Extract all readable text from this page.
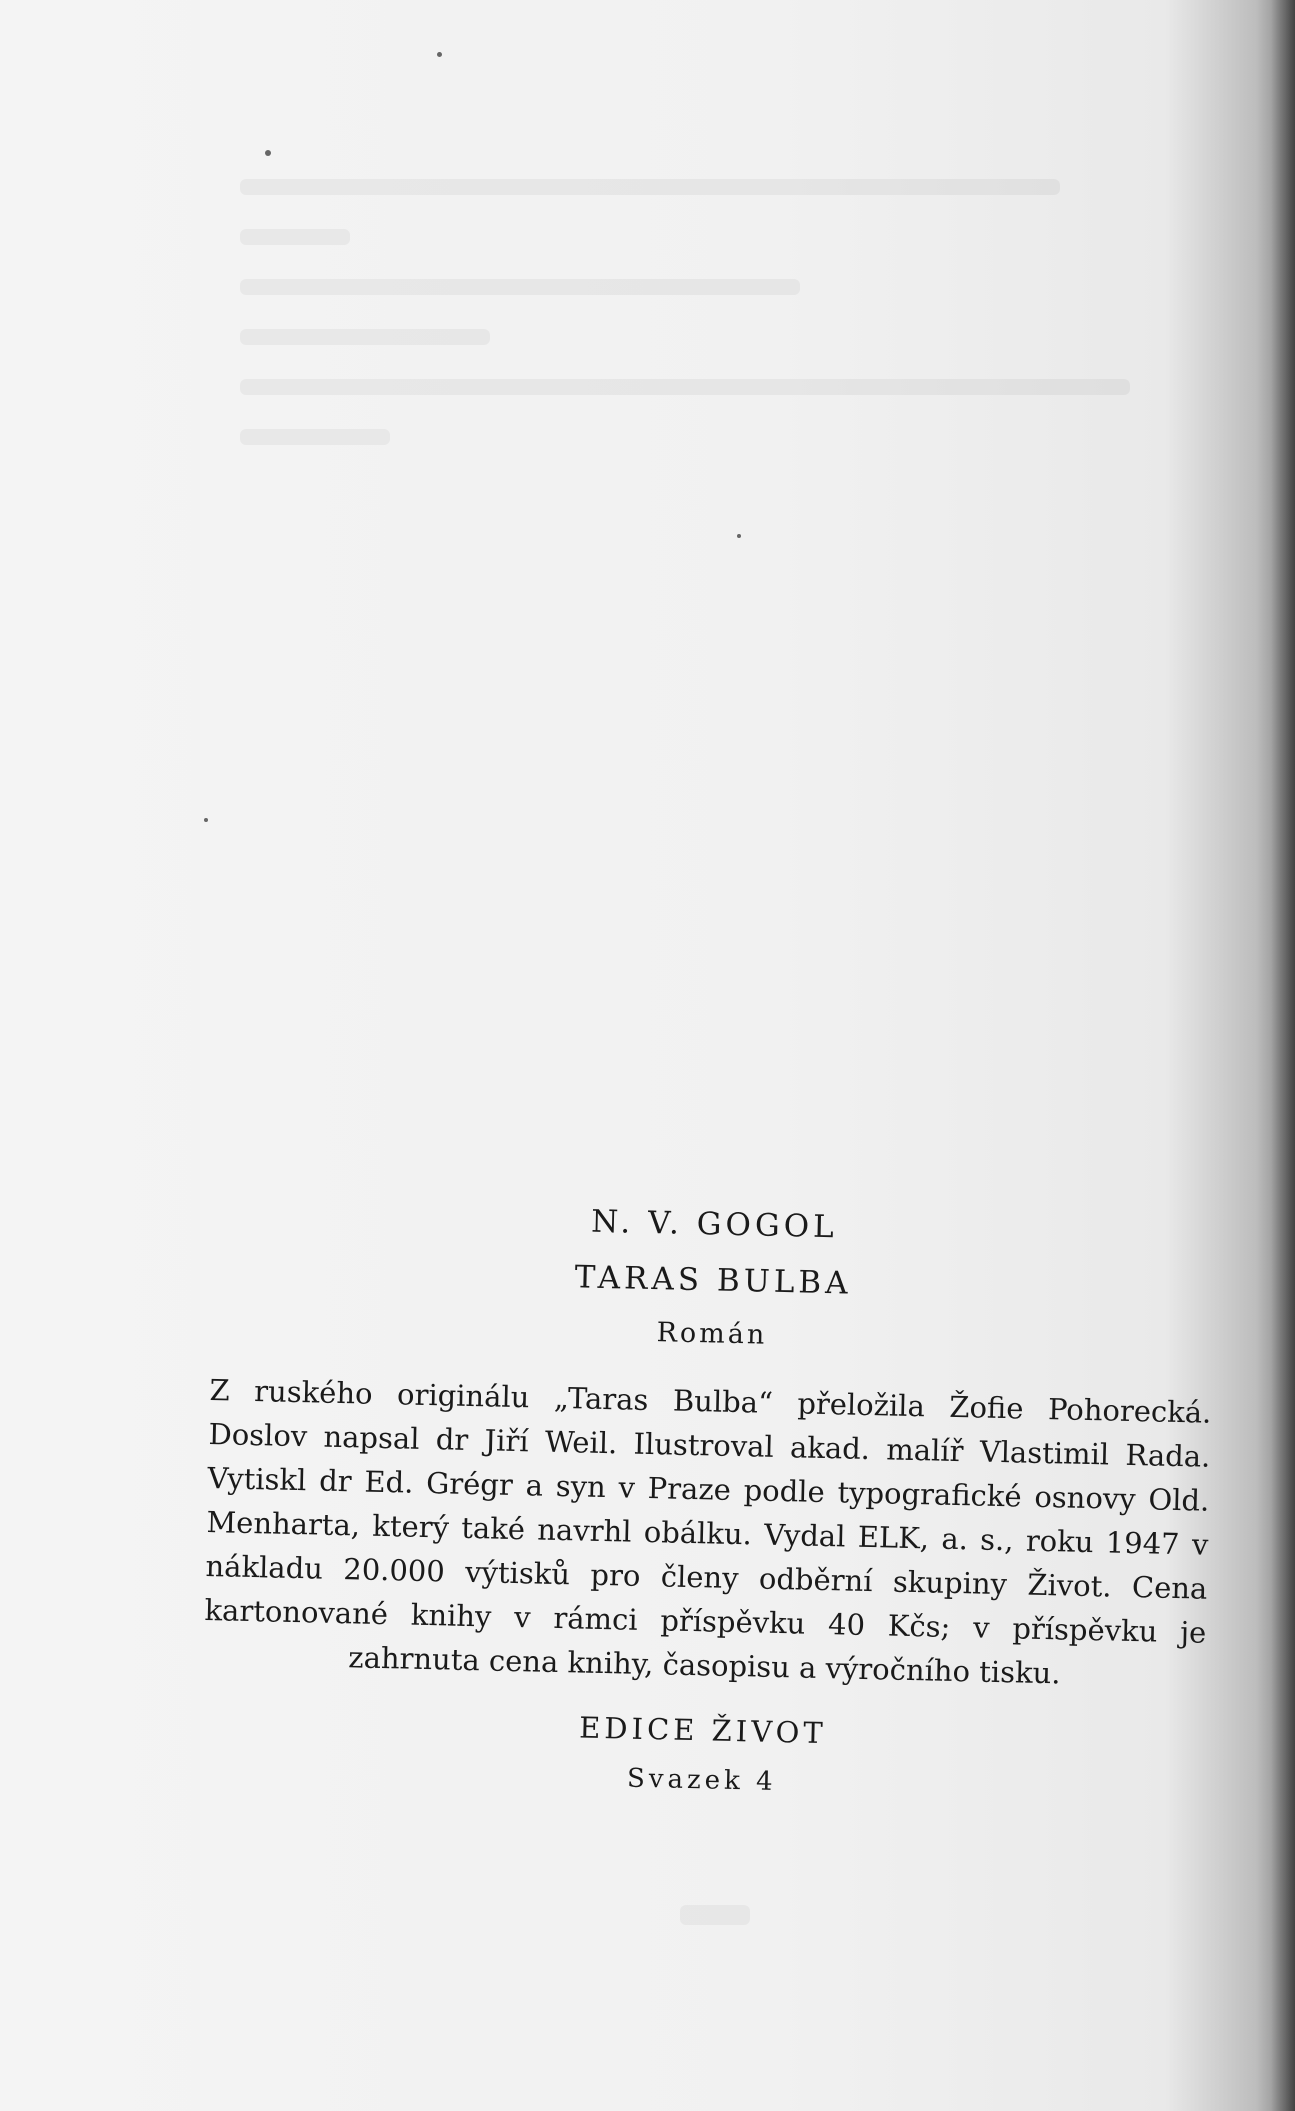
N. V. GOGOL
TARAS BULBA

Román

Z ruského originálu „Taras Bulba“ přeložila Žofie Pohorecká. Doslov napsal dr Jiří Weil. Ilustroval akad. malíř Vlastimil Rada. Vytiskl dr Ed. Grégr a syn v Praze podle typografické osnovy Old. Menharta, který také navrhl obálku. Vydal ELK, a. s., roku 1947 v nákladu 20.000 výtisků pro členy odběrní skupiny Život. Cena kartonované knihy v rámci příspěvku 40 Kčs; v příspěvku je zahrnuta cena knihy, časopisu a výročního tisku.

EDICE ŽIVOT

Svazek 4
